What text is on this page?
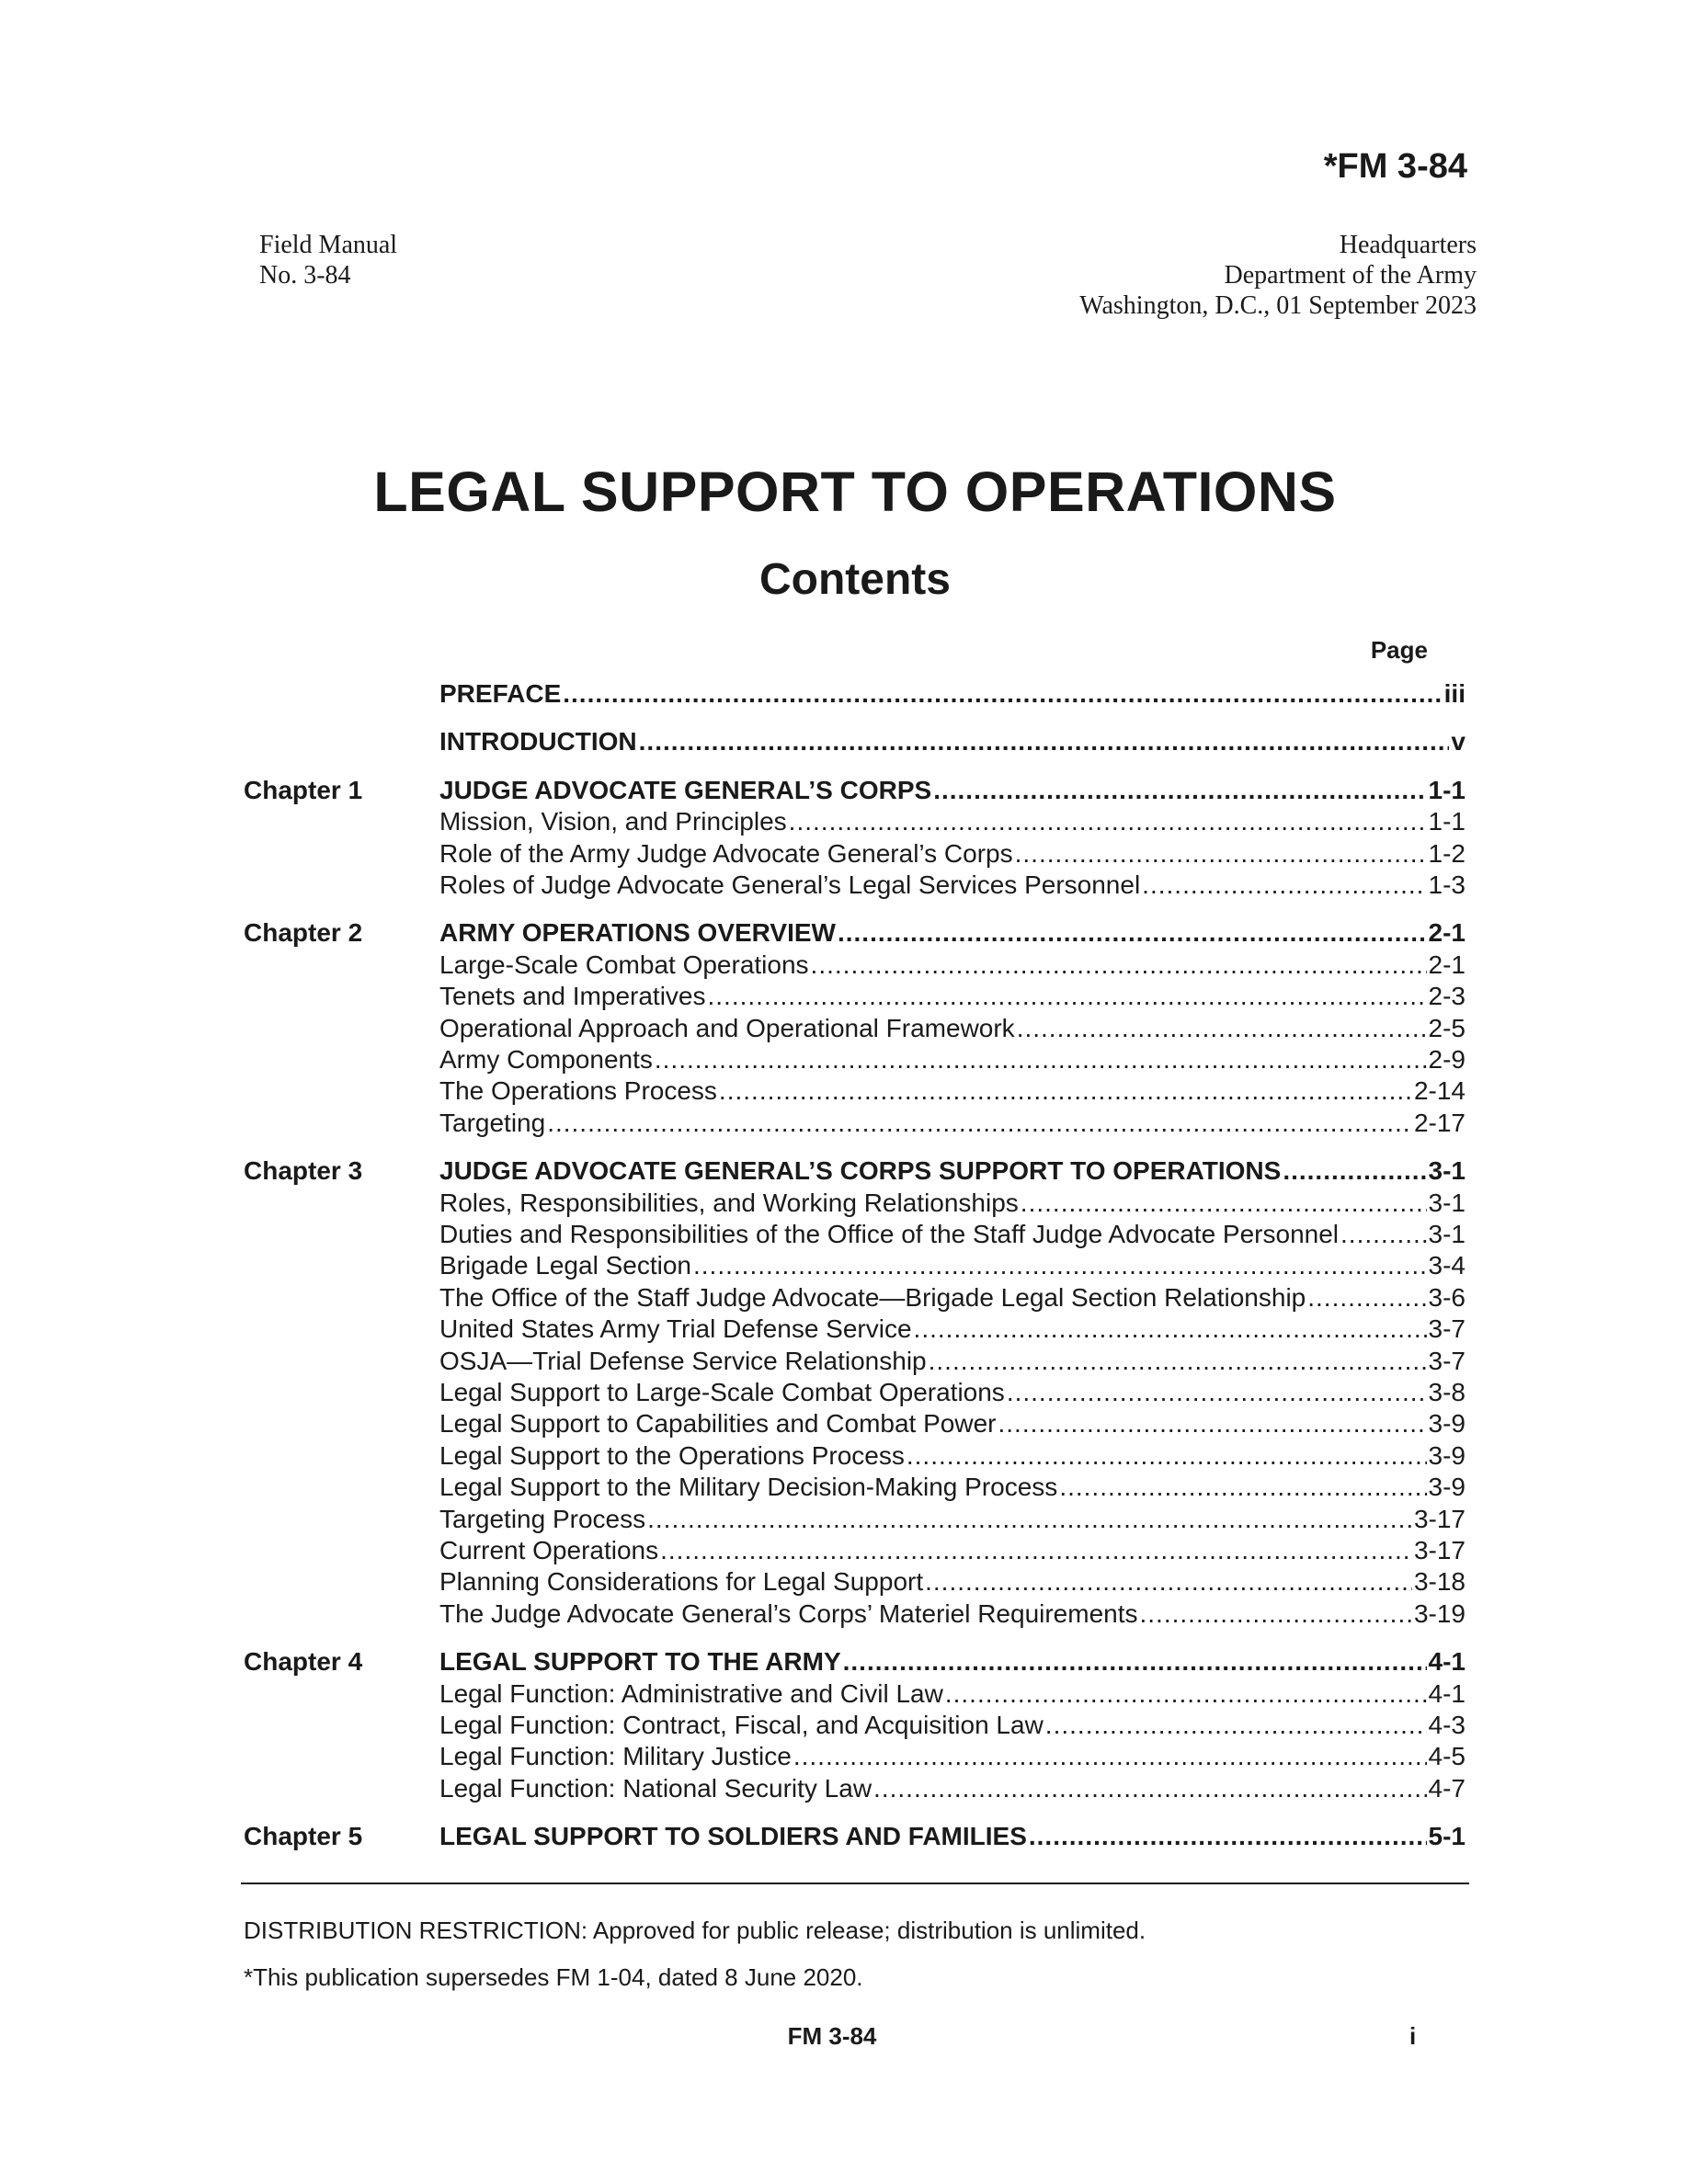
*FM 3-84
Field Manual
No. 3-84
Headquarters
Department of the Army
Washington, D.C., 01 September 2023
LEGAL SUPPORT TO OPERATIONS
Contents
Page
PREFACE .....	iii
INTRODUCTION .....	v
Chapter 1	JUDGE ADVOCATE GENERAL’S CORPS .....	1-1
Mission, Vision, and Principles .....	1-1
Role of the Army Judge Advocate General’s Corps .....	1-2
Roles of Judge Advocate General’s Legal Services Personnel .....	1-3
Chapter 2	ARMY OPERATIONS OVERVIEW .....	2-1
Large-Scale Combat Operations .....	2-1
Tenets and Imperatives .....	2-3
Operational Approach and Operational Framework .....	2-5
Army Components .....	2-9
The Operations Process .....	2-14
Targeting .....	2-17
Chapter 3	JUDGE ADVOCATE GENERAL’S CORPS SUPPORT TO OPERATIONS .....	3-1
Roles, Responsibilities, and Working Relationships .....	3-1
Duties and Responsibilities of the Office of the Staff Judge Advocate Personnel .....	3-1
Brigade Legal Section .....	3-4
The Office of the Staff Judge Advocate—Brigade Legal Section Relationship .....	3-6
United States Army Trial Defense Service .....	3-7
OSJA—Trial Defense Service Relationship .....	3-7
Legal Support to Large-Scale Combat Operations .....	3-8
Legal Support to Capabilities and Combat Power .....	3-9
Legal Support to the Operations Process .....	3-9
Legal Support to the Military Decision-Making Process .....	3-9
Targeting Process .....	3-17
Current Operations .....	3-17
Planning Considerations for Legal Support .....	3-18
The Judge Advocate General’s Corps’ Materiel Requirements .....	3-19
Chapter 4	LEGAL SUPPORT TO THE ARMY .....	4-1
Legal Function: Administrative and Civil Law .....	4-1
Legal Function: Contract, Fiscal, and Acquisition Law .....	4-3
Legal Function: Military Justice .....	4-5
Legal Function: National Security Law .....	4-7
Chapter 5	LEGAL SUPPORT TO SOLDIERS AND FAMILIES .....	5-1
DISTRIBUTION RESTRICTION: Approved for public release; distribution is unlimited.
*This publication supersedes FM 1-04, dated 8 June 2020.
FM 3-84	i
